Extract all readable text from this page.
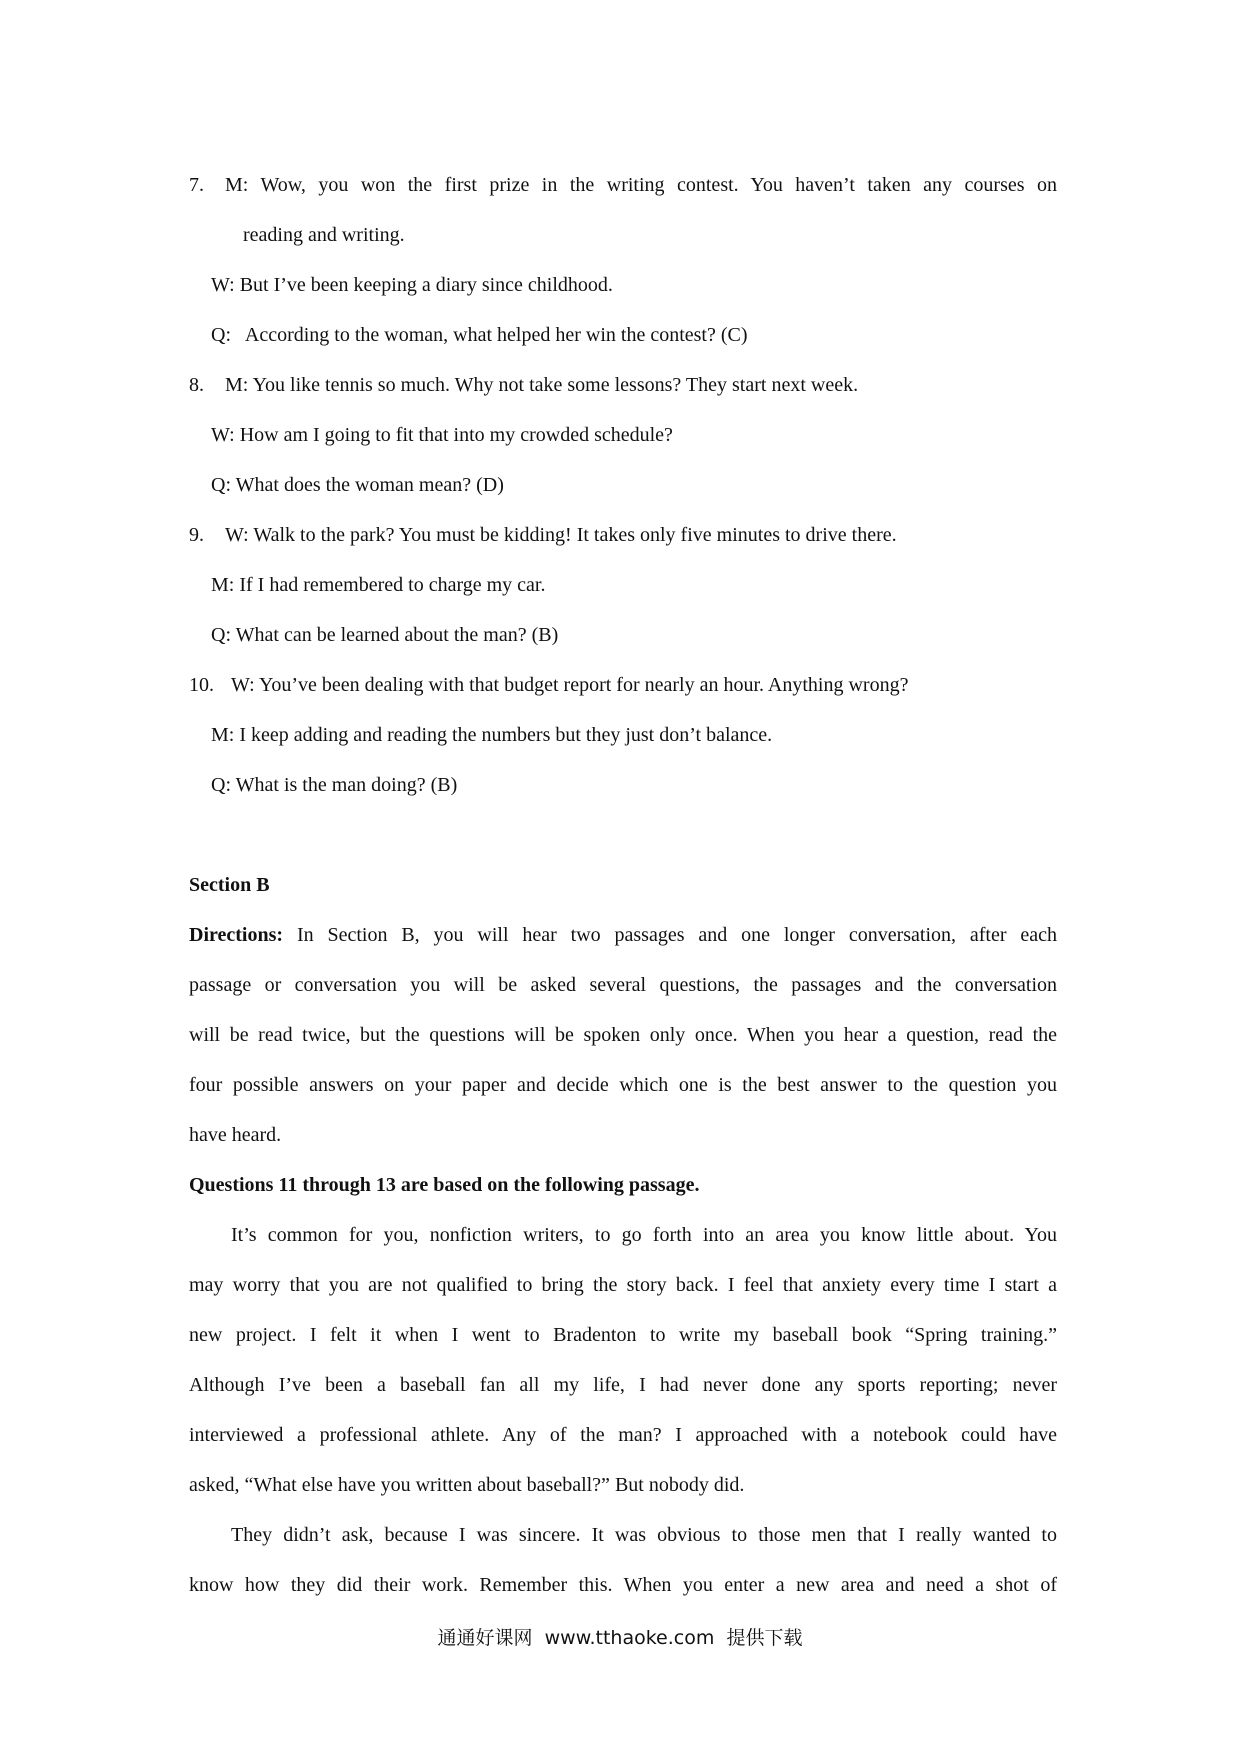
7. M: Wow, you won the first prize in the writing contest. You haven’t taken any courses on
reading and writing.
W: But I’ve been keeping a diary since childhood.
Q:   According to the woman, what helped her win the contest? (C)
8. M: You like tennis so much. Why not take some lessons? They start next week.
W: How am I going to fit that into my crowded schedule?
Q: What does the woman mean? (D)
9. W: Walk to the park? You must be kidding! It takes only five minutes to drive there.
M: If I had remembered to charge my car.
Q: What can be learned about the man? (B)
10. W: You’ve been dealing with that budget report for nearly an hour. Anything wrong?
M: I keep adding and reading the numbers but they just don’t balance.
Q: What is the man doing? (B)
Section B
Directions: In Section B, you will hear two passages and one longer conversation, after each
passage or conversation you will be asked several questions, the passages and the conversation
will be read twice, but the questions will be spoken only once. When you hear a question, read the
four possible answers on your paper and decide which one is the best answer to the question you
have heard.
Questions 11 through 13 are based on the following passage.
It’s common for you, nonfiction writers, to go forth into an area you know little about. You
may worry that you are not qualified to bring the story back. I feel that anxiety every time I start a
new project. I felt it when I went to Bradenton to write my baseball book “Spring training.”
Although I’ve been a baseball fan all my life, I had never done any sports reporting; never
interviewed a professional athlete. Any of the man? I approached with a notebook could have
asked, “What else have you written about baseball?” But nobody did.
They didn’t ask, because I was sincere. It was obvious to those men that I really wanted to
know how they did their work. Remember this. When you enter a new area and need a shot of
通通好课网  www.tthaoke.com  提供下载
